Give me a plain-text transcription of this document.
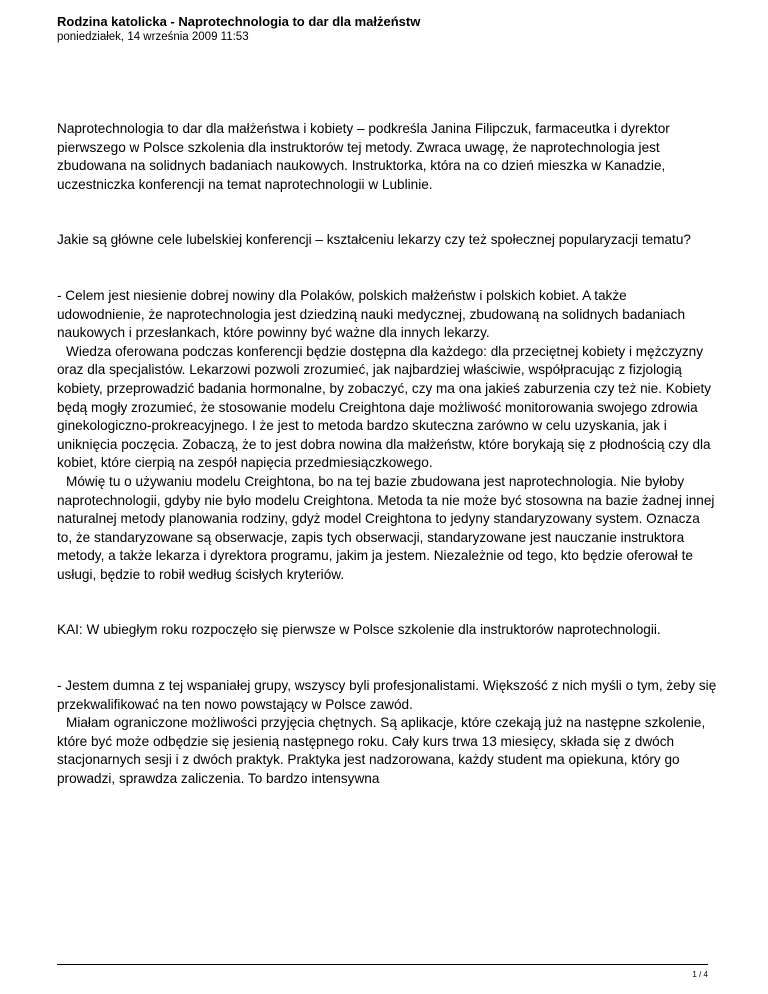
Rodzina katolicka - Naprotechnologia to dar dla małżeństw
poniedziałek, 14 września 2009 11:53

Naprotechnologia to dar dla małżeństwa i kobiety – podkreśla Janina Filipczuk, farmaceutka i dyrektor pierwszego w Polsce szkolenia dla instruktorów tej metody. Zwraca uwagę, że naprotechnologia jest zbudowana na solidnych badaniach naukowych. Instruktorka, która na co dzień mieszka w Kanadzie, uczestniczka konferencji na temat naprotechnologii w Lublinie.

Jakie są główne cele lubelskiej konferencji – kształceniu lekarzy czy też społecznej popularyzacji tematu?

- Celem jest niesienie dobrej nowiny dla Polaków, polskich małżeństw i polskich kobiet. A także udowodnienie, że naprotechnologia jest dziedziną nauki medycznej, zbudowaną na solidnych badaniach naukowych i przesłankach, które powinny być ważne dla innych lekarzy.

Wiedza oferowana podczas konferencji będzie dostępna dla każdego: dla przeciętnej kobiety i mężczyzny oraz dla specjalistów. Lekarzowi pozwoli zrozumieć, jak najbardziej właściwie, współpracując z fizjologią kobiety, przeprowadzić badania hormonalne, by zobaczyć, czy ma ona jakieś zaburzenia czy też nie. Kobiety będą mogły zrozumieć, że stosowanie modelu Creightona daje możliwość monitorowania swojego zdrowia ginekologiczno-prokreacyjnego. I że jest to metoda bardzo skuteczna zarówno w celu uzyskania, jak i uniknięcia poczęcia. Zobaczą, że to jest dobra nowina dla małżeństw, które borykają się z płodnością czy dla kobiet, które cierpią na zespół napięcia przedmiesiączkowego.

Mówię tu o używaniu modelu Creightona, bo na tej bazie zbudowana jest naprotechnologia. Nie byłoby naprotechnologii, gdyby nie było modelu Creightona. Metoda ta nie może być stosowna na bazie żadnej innej naturalnej metody planowania rodziny, gdyż model Creightona to jedyny standaryzowany system. Oznacza to, że standaryzowane są obserwacje, zapis tych obserwacji, standaryzowane jest nauczanie instruktora metody, a także lekarza i dyrektora programu, jakim ja jestem. Niezależnie od tego, kto będzie oferował te usługi, będzie to robił według ścisłych kryteriów.

KAI: W ubiegłym roku rozpoczęło się pierwsze w Polsce szkolenie dla instruktorów naprotechnologii.

- Jestem dumna z tej wspaniałej grupy, wszyscy byli profesjonalistami. Większość z nich myśli o tym, żeby się przekwalifikować na ten nowo powstający w Polsce zawód.

Miałam ograniczone możliwości przyjęcia chętnych. Są aplikacje, które czekają już na następne szkolenie, które być może odbędzie się jesienią następnego roku. Cały kurs trwa 13 miesięcy, składa się z dwóch stacjonarnych sesji i z dwóch praktyk. Praktyka jest nadzorowana, każdy student ma opiekuna, który go prowadzi, sprawdza zaliczenia. To bardzo intensywna

1 / 4
